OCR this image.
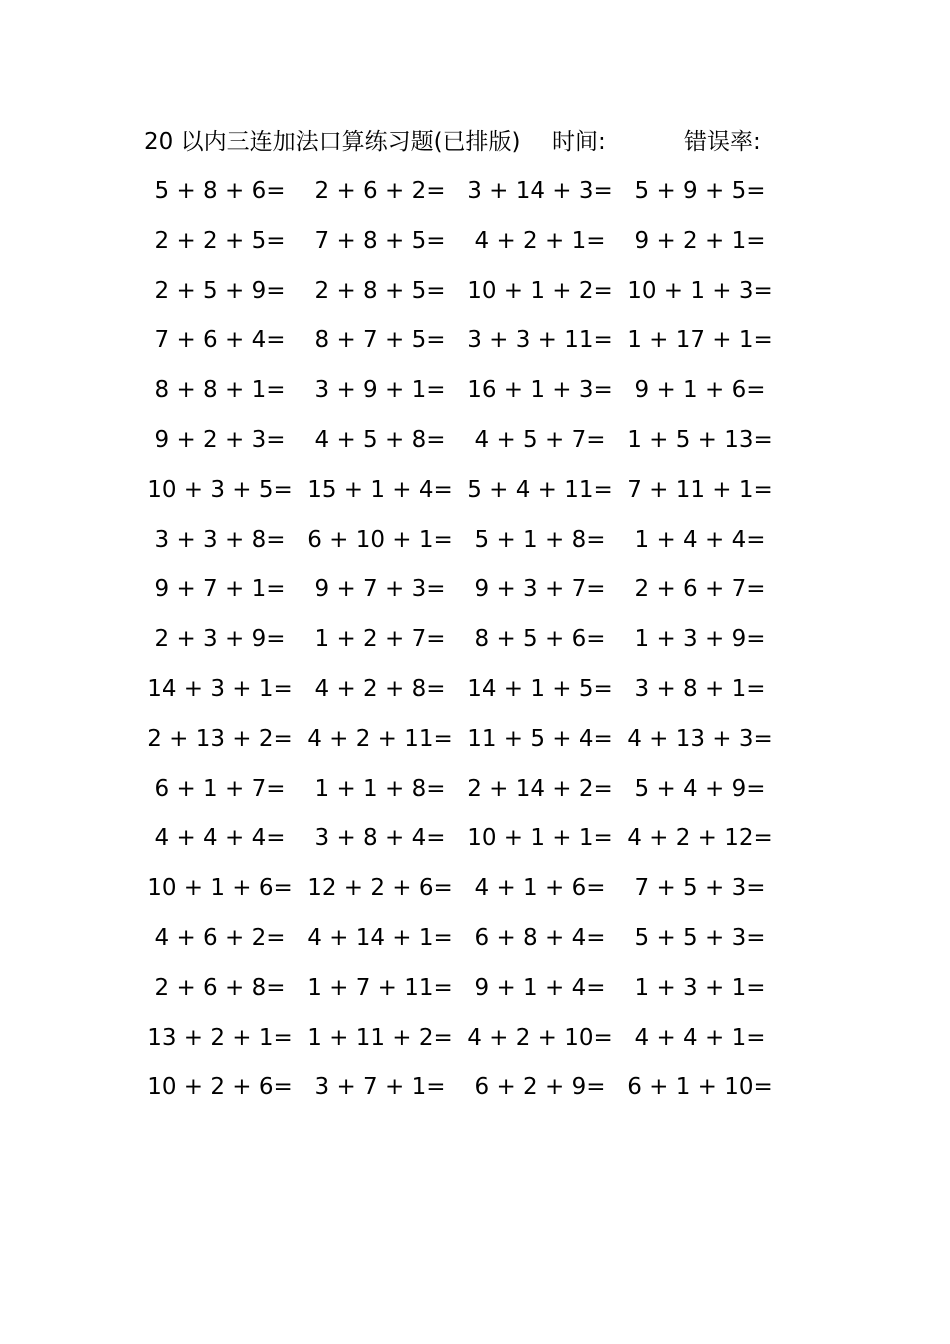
20 以内三连加法口算练习题(已排版) 时间:	错误率:
5 + 8 + 6=	2 + 6 + 2= 3 + 14 + 3= 5 + 9 + 5=
2 + 2 + 5=	7 + 8 + 5=	4 + 2 + 1=	9 + 2 + 1=
2 + 5 + 9=	2 + 8 + 5= 10 + 1 + 2= 10 + 1 + 3=
7 + 6 + 4=	8 + 7 + 5= 3 + 3 + 11= 1 + 17 + 1=
8 + 8 + 1=	3 + 9 + 1= 16 + 1 + 3= 9 + 1 + 6=
9 + 2 + 3=	4 + 5 + 8=	4 + 5 + 7= 1 + 5 + 13=
10 + 3 + 5= 15 + 1 + 4= 5 + 4 + 11= 7 + 11 + 1=
3 + 3 + 8= 6 + 10 + 1= 5 + 1 + 8=	1 + 4 + 4=
9 + 7 + 1=	9 + 7 + 3=	9 + 3 + 7=	2 + 6 + 7=
2 + 3 + 9=	1 + 2 + 7=	8 + 5 + 6=	1 + 3 + 9=
14 + 3 + 1= 4 + 2 + 8= 14 + 1 + 5= 3 + 8 + 1=
2 + 13 + 2= 4 + 2 + 11= 11 + 5 + 4= 4 + 13 + 3=
6 + 1 + 7=	1 + 1 + 8= 2 + 14 + 2= 5 + 4 + 9=
4 + 4 + 4=	3 + 8 + 4= 10 + 1 + 1= 4 + 2 + 12=
10 + 1 + 6= 12 + 2 + 6= 4 + 1 + 6=	7 + 5 + 3=
4 + 6 + 2= 4 + 14 + 1= 6 + 8 + 4=	5 + 5 + 3=
2 + 6 + 8= 1 + 7 + 11= 9 + 1 + 4=	1 + 3 + 1=
13 + 2 + 1= 1 + 11 + 2= 4 + 2 + 10= 4 + 4 + 1=
10 + 2 + 6= 3 + 7 + 1=	6 + 2 + 9= 6 + 1 + 10=
